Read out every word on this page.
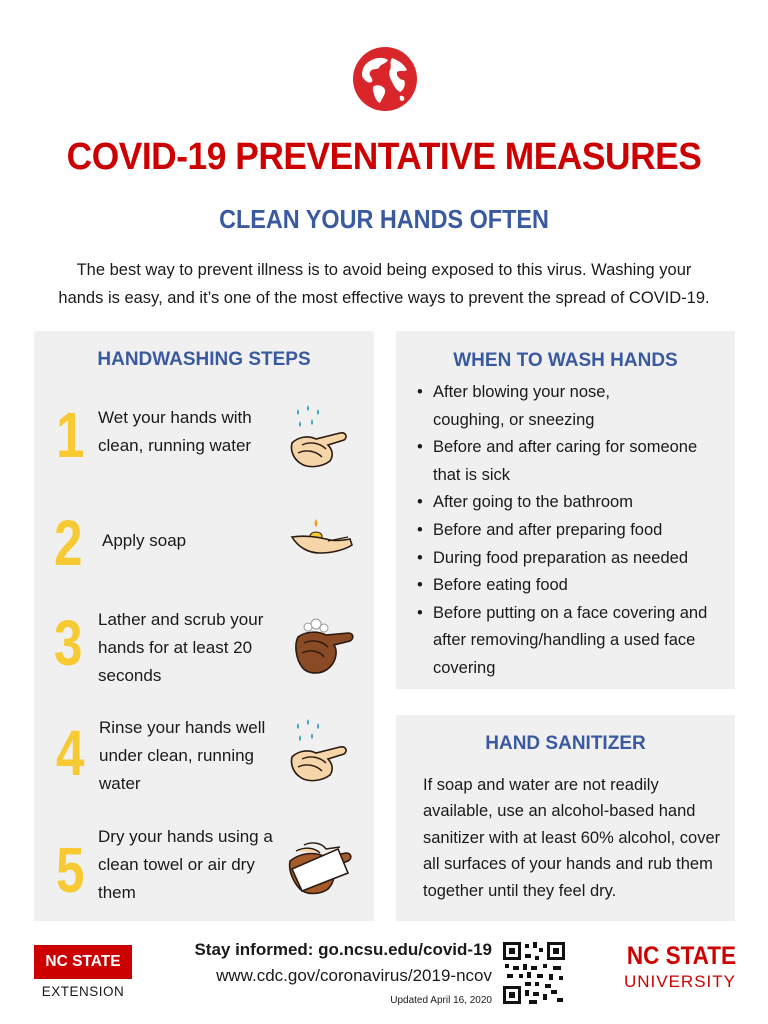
COVID-19 PREVENTATIVE MEASURES
CLEAN YOUR HANDS OFTEN
The best way to prevent illness is to avoid being exposed to this virus. Washing your
hands is easy, and it’s one of the most effective ways to prevent the spread of COVID-19.
HANDWASHING STEPS
1 Wet your hands with clean, running water
2 Apply soap
3 Lather and scrub your hands for at least 20 seconds
4 Rinse your hands well under clean, running water
5 Dry your hands using a clean towel or air dry them
WHEN TO WASH HANDS
• After blowing your nose, coughing, or sneezing
• Before and after caring for someone that is sick
• After going to the bathroom
• Before and after preparing food
• During food preparation as needed
• Before eating food
• Before putting on a face covering and after removing/handling a used face covering
HAND SANITIZER
If soap and water are not readily available, use an alcohol-based hand sanitizer with at least 60% alcohol, cover all surfaces of your hands and rub them together until they feel dry.
NC STATE
EXTENSION
Stay informed: go.ncsu.edu/covid-19
www.cdc.gov/coronavirus/2019-ncov
Updated April 16, 2020
NC STATE
UNIVERSITY
